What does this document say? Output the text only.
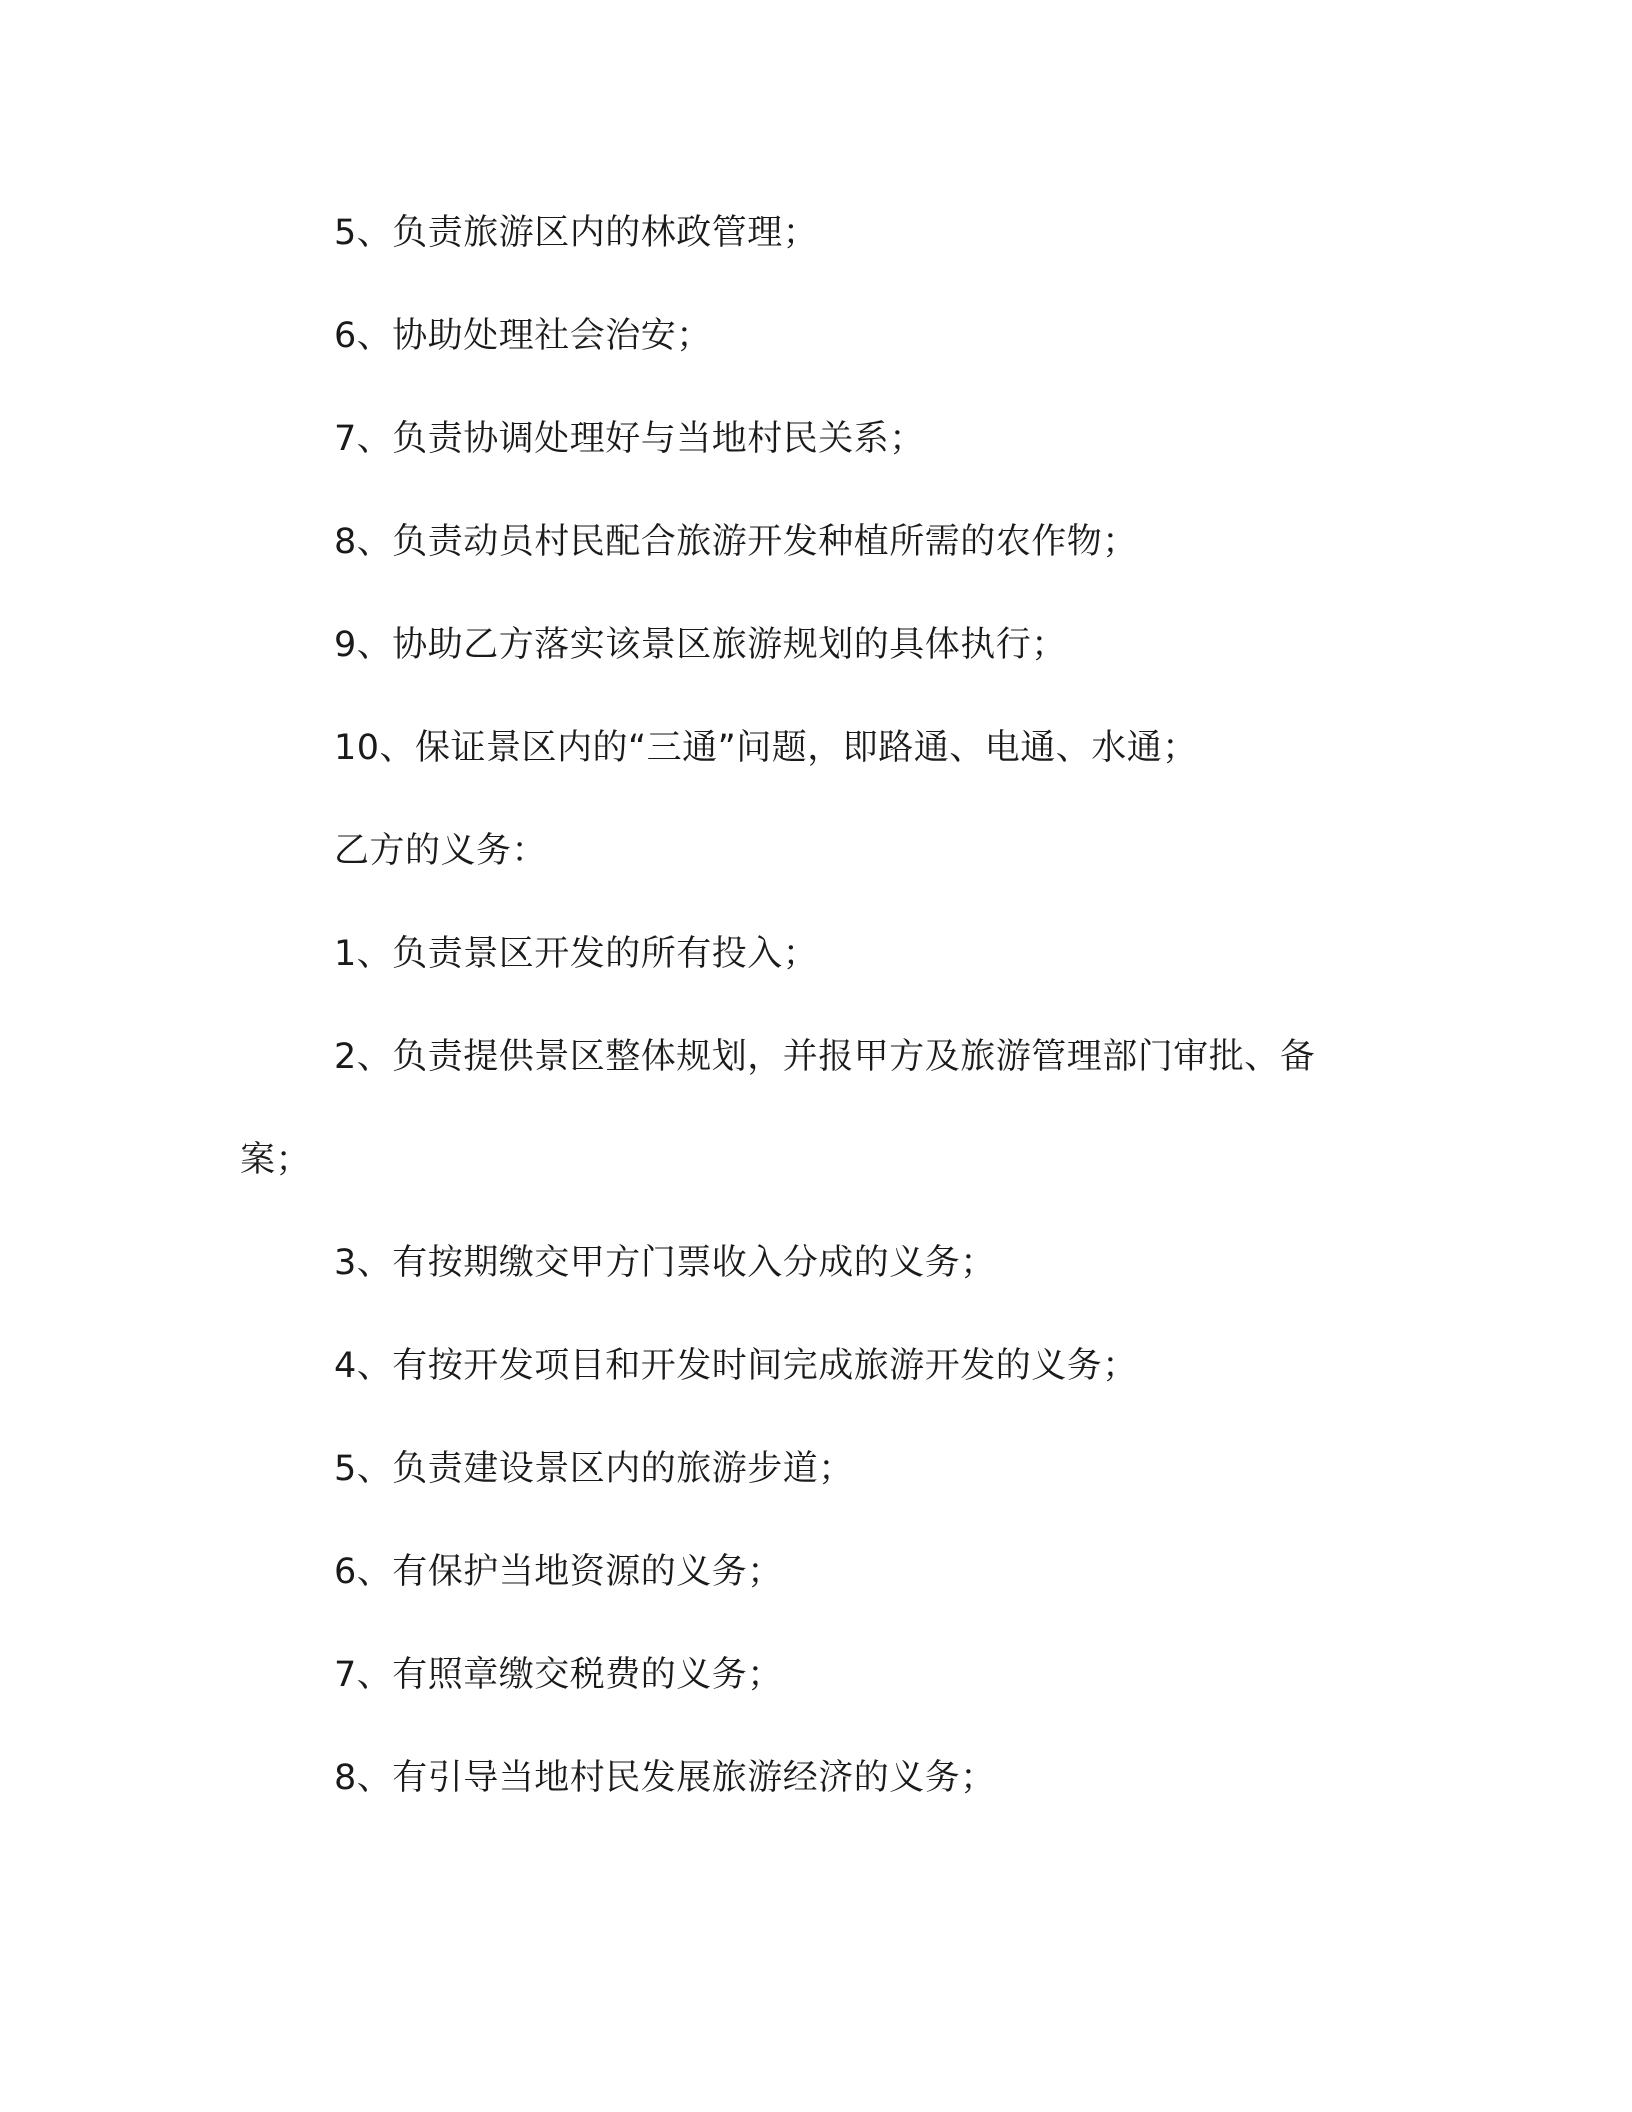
5、负责旅游区内的林政管理；

6、协助处理社会治安；

7、负责协调处理好与当地村民关系；

8、负责动员村民配合旅游开发种植所需的农作物；

9、协助乙方落实该景区旅游规划的具体执行；

10、保证景区内的“三通”问题，即路通、电通、水通；

乙方的义务：

1、负责景区开发的所有投入；

2、负责提供景区整体规划，并报甲方及旅游管理部门审批、备案；

3、有按期缴交甲方门票收入分成的义务；

4、有按开发项目和开发时间完成旅游开发的义务；

5、负责建设景区内的旅游步道；

6、有保护当地资源的义务；

7、有照章缴交税费的义务；

8、有引导当地村民发展旅游经济的义务；
